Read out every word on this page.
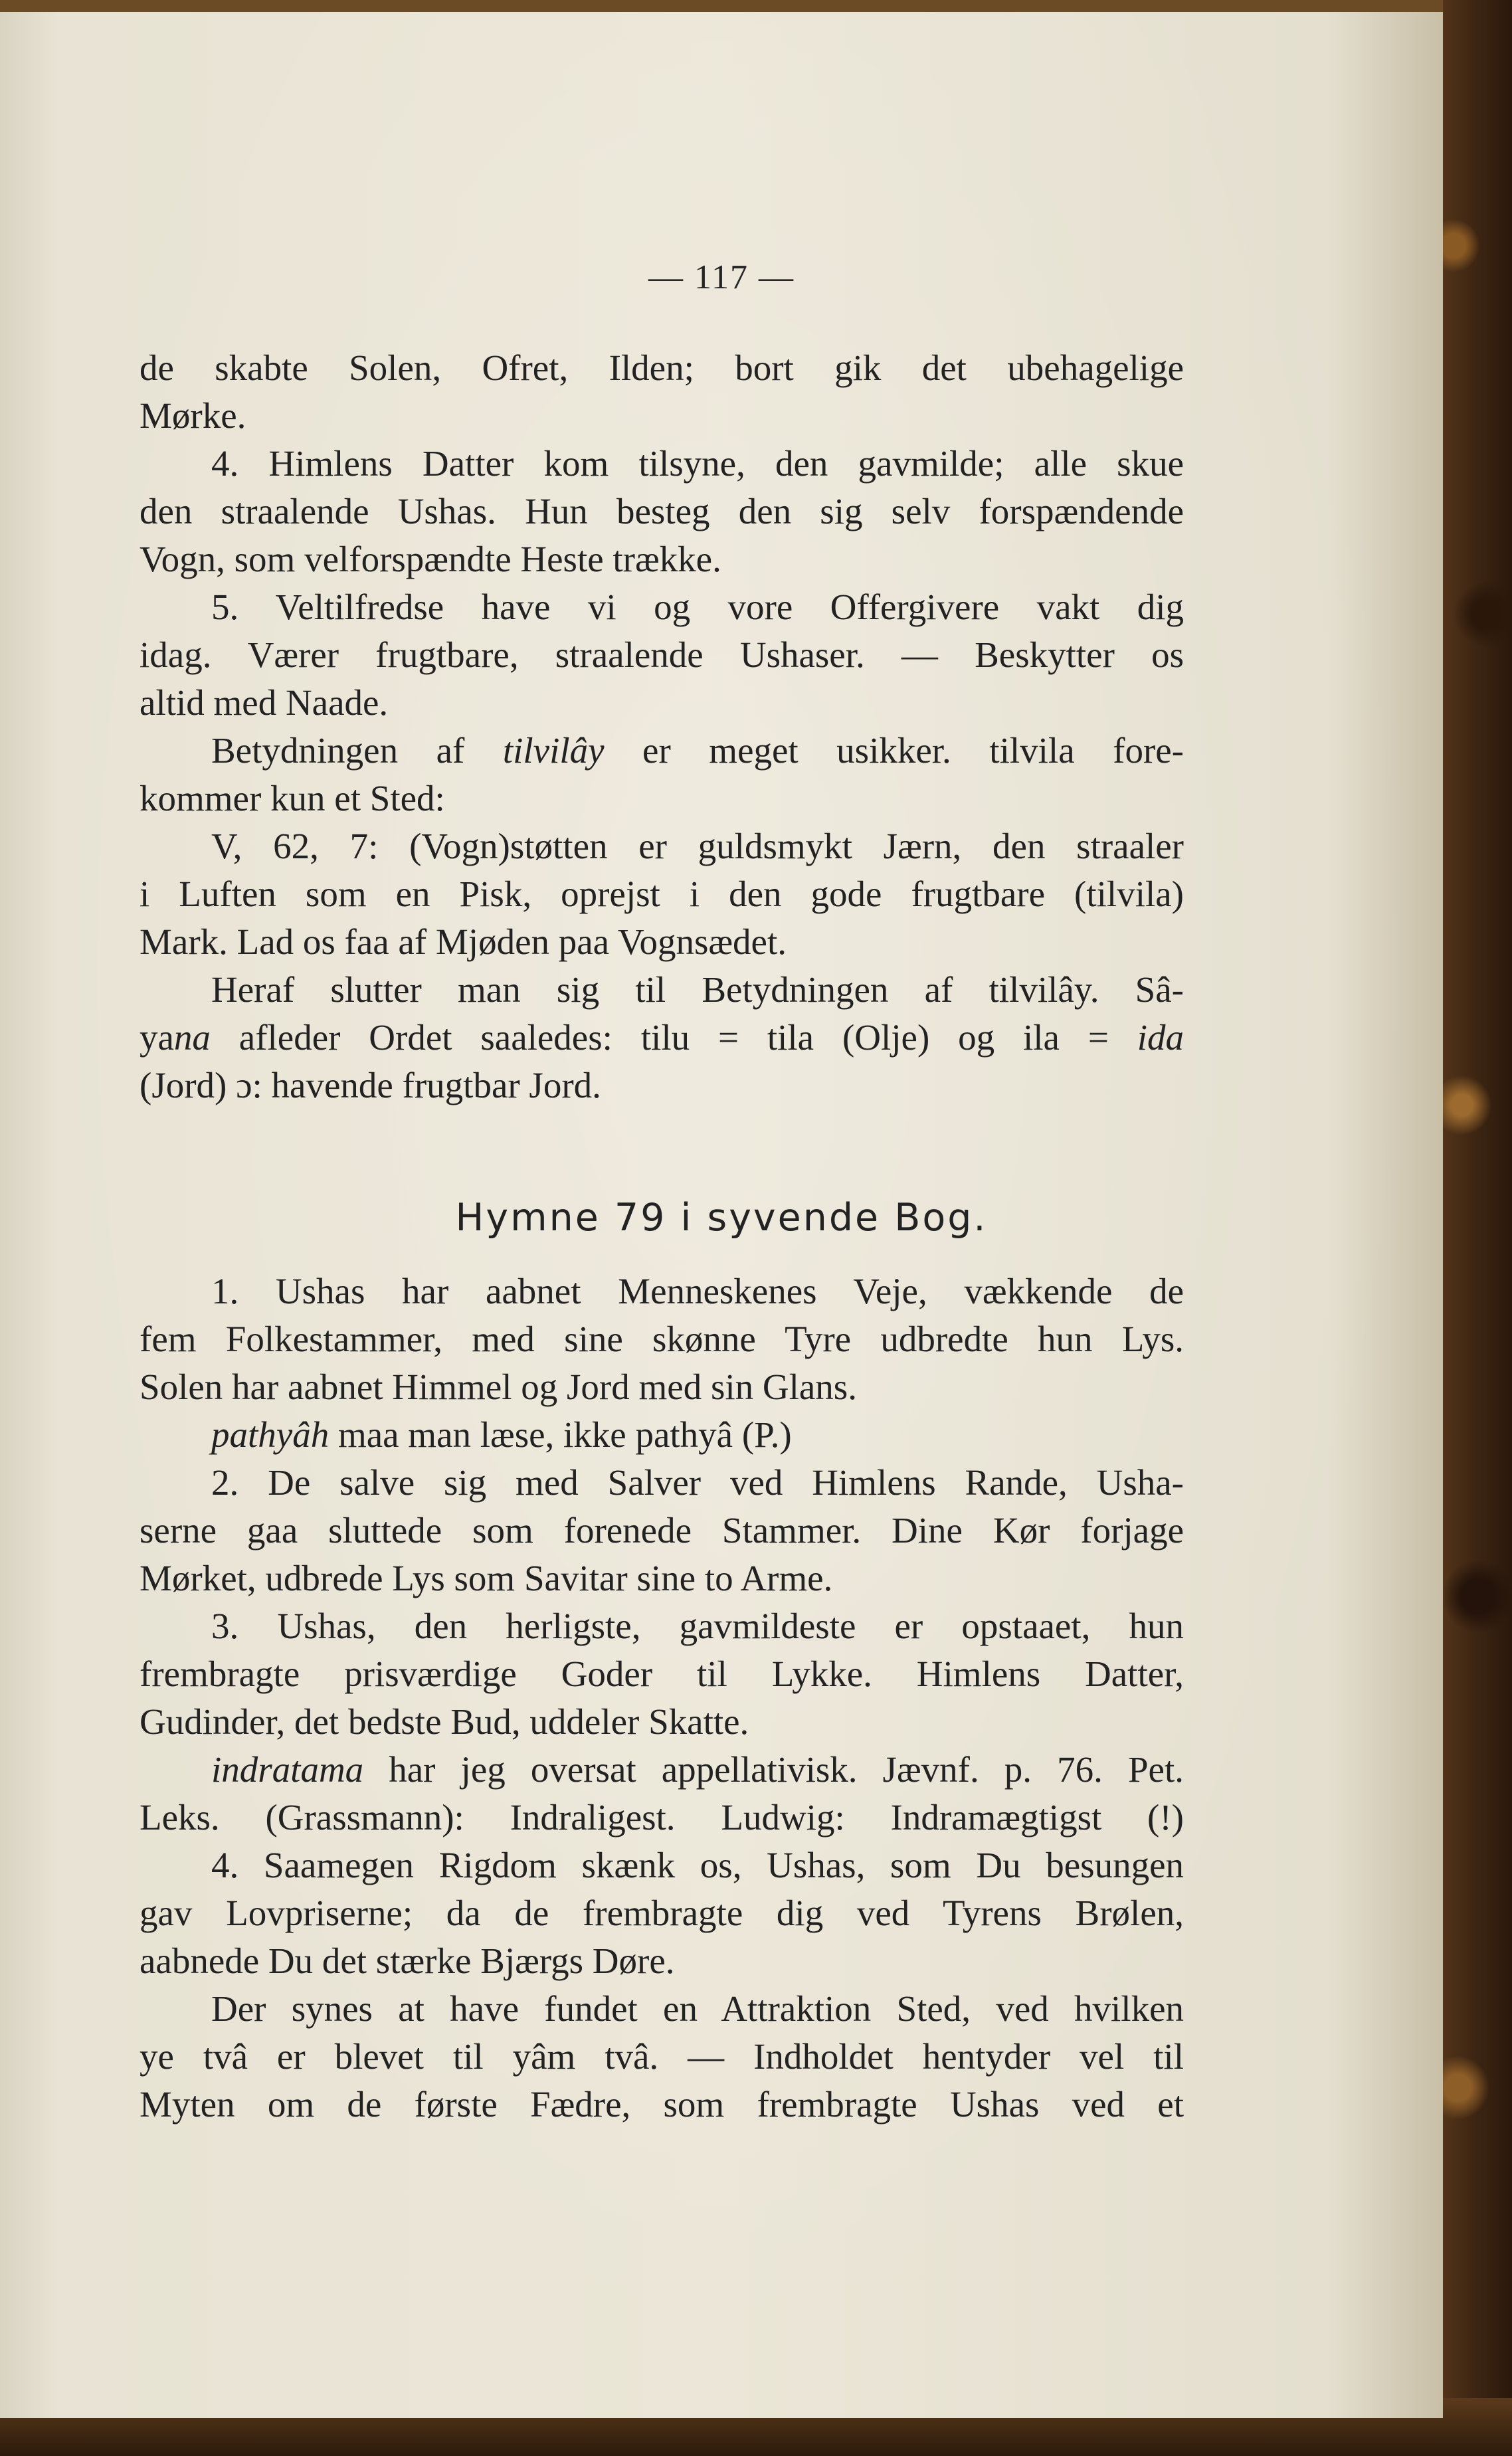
— 117 —
de skabte Solen, Ofret, Ilden; bort gik det ubehagelige
Mørke.
4. Himlens Datter kom tilsyne, den gavmilde; alle skue
den straalende Ushas. Hun besteg den sig selv forspændende
Vogn, som velforspændte Heste trække.
5. Veltilfredse have vi og vore Offergivere vakt dig
idag. Værer frugtbare, straalende Ushaser. — Beskytter os
altid med Naade.
Betydningen af tilvilây er meget usikker. tilvila fore-
kommer kun et Sted:
V, 62, 7: (Vogn)støtten er guldsmykt Jærn, den straaler
i Luften som en Pisk, oprejst i den gode frugtbare (tilvila)
Mark. Lad os faa af Mjøden paa Vognsædet.
Heraf slutter man sig til Betydningen af tilvilây. Sâ-
yana afleder Ordet saaledes: tilu = tila (Olje) og ila = ida
(Jord) ɔ: havende frugtbar Jord.
Hymne 79 i syvende Bog.
1. Ushas har aabnet Menneskenes Veje, vækkende de
fem Folkestammer, med sine skønne Tyre udbredte hun Lys.
Solen har aabnet Himmel og Jord med sin Glans.
pathyâh maa man læse, ikke pathyâ (P.)
2. De salve sig med Salver ved Himlens Rande, Usha-
serne gaa sluttede som forenede Stammer. Dine Kør forjage
Mørket, udbrede Lys som Savitar sine to Arme.
3. Ushas, den herligste, gavmildeste er opstaaet, hun
frembragte prisværdige Goder til Lykke. Himlens Datter,
Gudinder, det bedste Bud, uddeler Skatte.
indratama har jeg oversat appellativisk. Jævnf. p. 76. Pet.
Leks. (Grassmann): Indraligest. Ludwig: Indramægtigst (!)
4. Saamegen Rigdom skænk os, Ushas, som Du besungen
gav Lovpriserne; da de frembragte dig ved Tyrens Brølen,
aabnede Du det stærke Bjærgs Døre.
Der synes at have fundet en Attraktion Sted, ved hvilken
ye tvâ er blevet til yâm tvâ. — Indholdet hentyder vel til
Myten om de første Fædre, som frembragte Ushas ved et
